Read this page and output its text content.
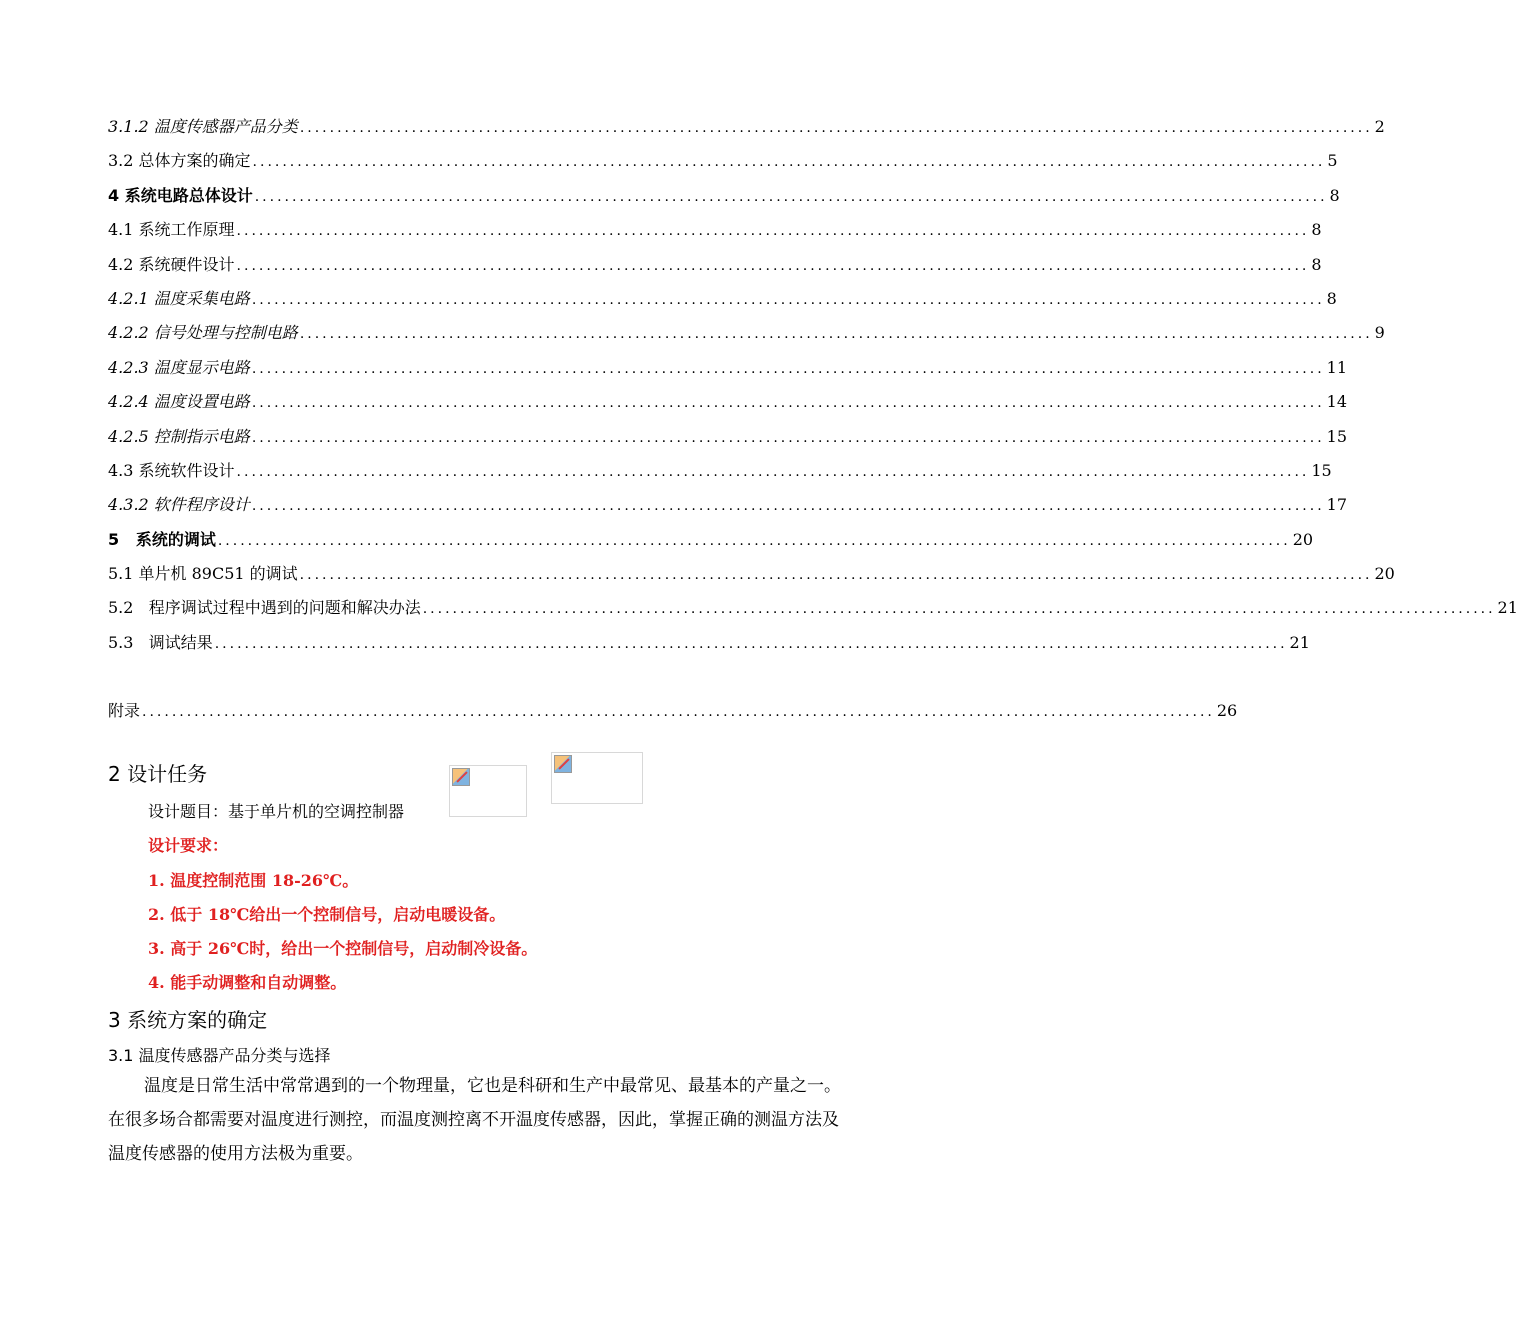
3.1.2 温度传感器产品分类 ................................................................................................................................................ 2
3.2 总体方案的确定 ................................................................................................................................................ 5
4 系统电路总体设计 ................................................................................................................................................ 8
4.1 系统工作原理 ................................................................................................................................................ 8
4.2 系统硬件设计 ................................................................................................................................................ 8
4.2.1 温度采集电路 ................................................................................................................................................ 8
4.2.2 信号处理与控制电路 ................................................................................................................................................ 9
4.2.3 温度显示电路 ................................................................................................................................................ 11
4.2.4 温度设置电路 ................................................................................................................................................ 14
4.2.5 控制指示电路 ................................................................................................................................................ 15
4.3 系统软件设计 ................................................................................................................................................ 15
4.3.2 软件程序设计 ................................................................................................................................................ 17
5   系统的调试 ................................................................................................................................................ 20
5.1 单片机 89C51 的调试 ................................................................................................................................................ 20
5.2   程序调试过程中遇到的问题和解决办法 ................................................................................................................................................ 21
5.3   调试结果 ................................................................................................................................................ 21
附录 ................................................................................................................................................ 26
2 设计任务
设计题目：基于单片机的空调控制器
设计要求：
1. 温度控制范围 18-26℃。
2. 低于 18℃给出一个控制信号，启动电暖设备。
3. 高于 26℃时，给出一个控制信号，启动制冷设备。
4. 能手动调整和自动调整。
3 系统方案的确定
3.1 温度传感器产品分类与选择
温度是日常生活中常常遇到的一个物理量，它也是科研和生产中最常见、最基本的产量之一。在很多场合都需要对温度进行测控，而温度测控离不开温度传感器，因此，掌握正确的测温方法及温度传感器的使用方法极为重要。
